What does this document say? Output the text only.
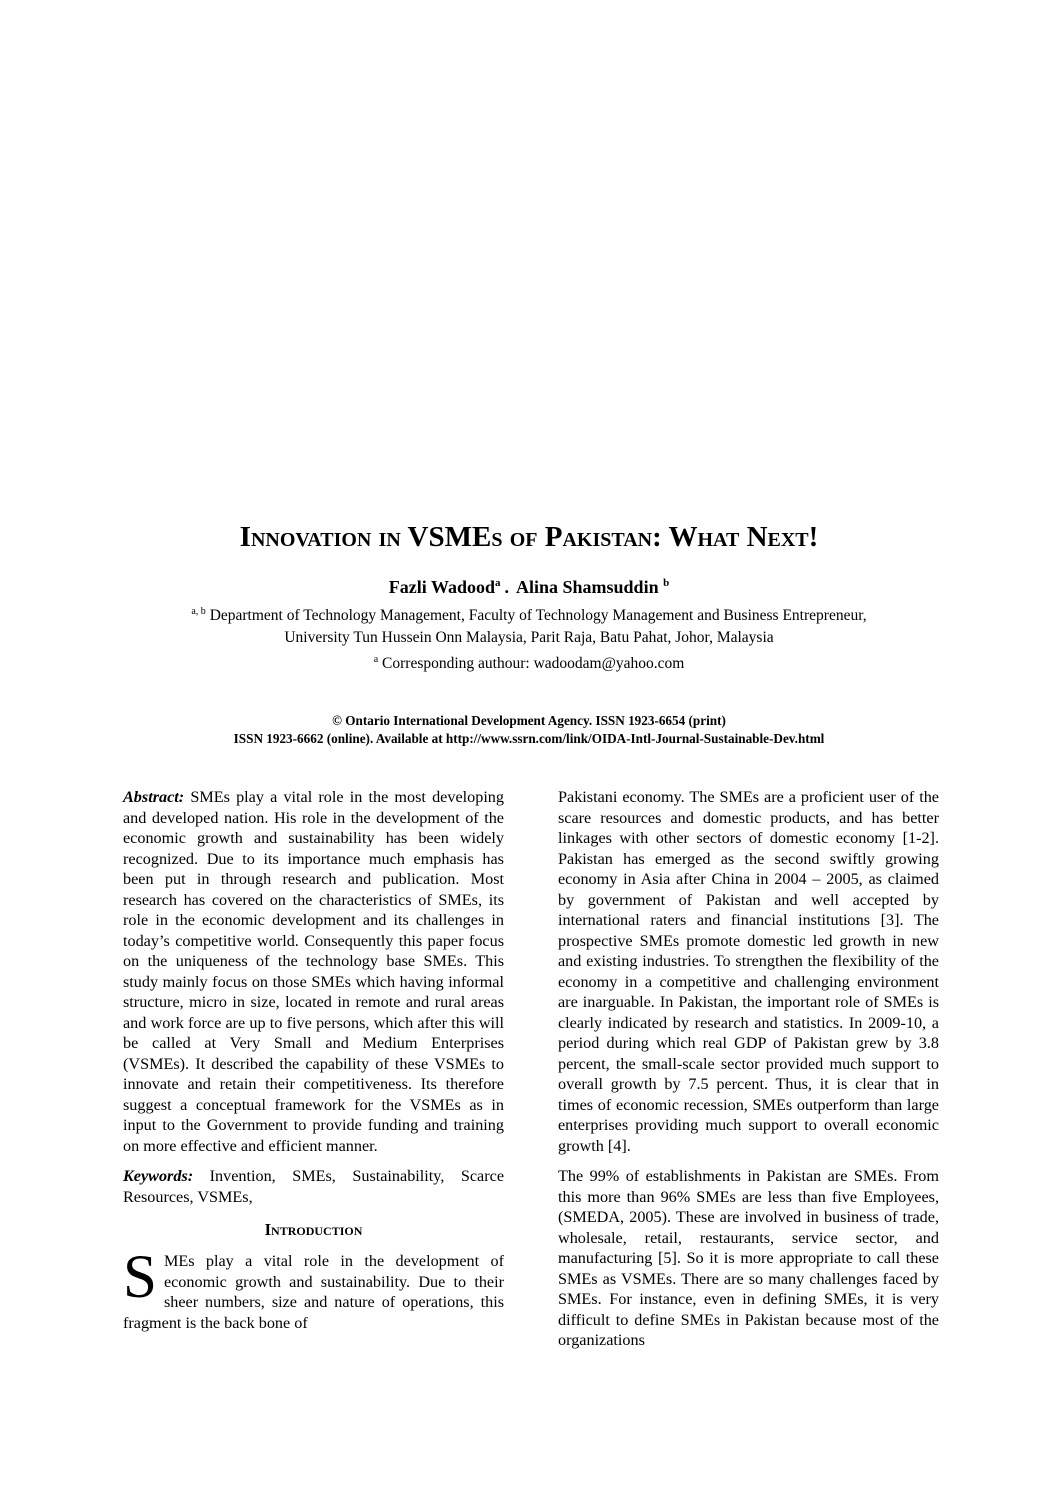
Innovation in VSMEs of Pakistan: What Next!
Fazli Wadood$^a$ . Alina Shamsuddin $^b$
$^{a, b}$ Department of Technology Management, Faculty of Technology Management and Business Entrepreneur,
University Tun Hussein Onn Malaysia, Parit Raja, Batu Pahat, Johor, Malaysia
$^a$ Corresponding authour: wadoodam@yahoo.com
© Ontario International Development Agency. ISSN 1923-6654 (print)
ISSN 1923-6662 (online). Available at http://www.ssrn.com/link/OIDA-Intl-Journal-Sustainable-Dev.html

Abstract: SMEs play a vital role in the most developing and developed nation. His role in the development of the economic growth and sustainability has been widely recognized. Due to its importance much emphasis has been put in through research and publication. Most research has covered on the characteristics of SMEs, its role in the economic development and its challenges in today’s competitive world. Consequently this paper focus on the uniqueness of the technology base SMEs. This study mainly focus on those SMEs which having informal structure, micro in size, located in remote and rural areas and work force are up to five persons, which after this will be called at Very Small and Medium Enterprises (VSMEs). It described the capability of these VSMEs to innovate and retain their competitiveness. Its therefore suggest a conceptual framework for the VSMEs as in input to the Government to provide funding and training on more effective and efficient manner.

Keywords: Invention, SMEs, Sustainability, Scarce Resources, VSMEs,

Introduction

S MEs play a vital role in the development of economic growth and sustainability. Due to their sheer numbers, size and nature of operations, this fragment is the back bone of

Pakistani economy. The SMEs are a proficient user of the scare resources and domestic products, and has better linkages with other sectors of domestic economy [1-2]. Pakistan has emerged as the second swiftly growing economy in Asia after China in 2004 – 2005, as claimed by government of Pakistan and well accepted by international raters and financial institutions [3]. The prospective SMEs promote domestic led growth in new and existing industries. To strengthen the flexibility of the economy in a competitive and challenging environment are inarguable. In Pakistan, the important role of SMEs is clearly indicated by research and statistics. In 2009-10, a period during which real GDP of Pakistan grew by 3.8 percent, the small-scale sector provided much support to overall growth by 7.5 percent. Thus, it is clear that in times of economic recession, SMEs outperform than large enterprises providing much support to overall economic growth [4].

The 99% of establishments in Pakistan are SMEs. From this more than 96% SMEs are less than five Employees, (SMEDA, 2005). These are involved in business of trade, wholesale, retail, restaurants, service sector, and manufacturing [5]. So it is more appropriate to call these SMEs as VSMEs. There are so many challenges faced by SMEs. For instance, even in defining SMEs, it is very difficult to define SMEs in Pakistan because most of the organizations
